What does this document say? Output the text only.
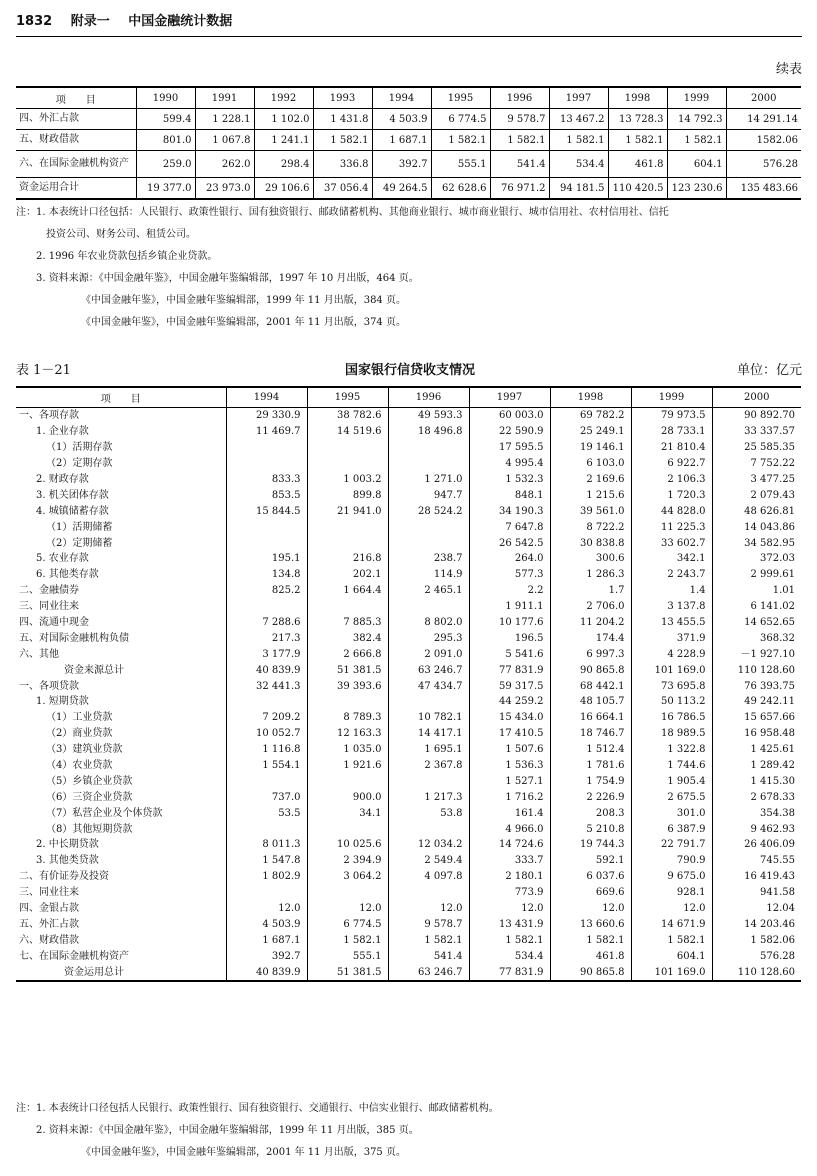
1832 附录一 中国金融统计数据
续表
项　　目	1990	1991	1992	1993	1994	1995	1996	1997	1998	1999	2000
四、外汇占款	599.4	1 228.1	1 102.0	1 431.8	4 503.9	6 774.5	9 578.7	13 467.2	13 728.3	14 792.3	14 291.14
五、财政借款	801.0	1 067.8	1 241.1	1 582.1	1 687.1	1 582.1	1 582.1	1 582.1	1 582.1	1 582.1	1582.06
六、在国际金融机构资产	259.0	262.0	298.4	336.8	392.7	555.1	541.4	534.4	461.8	604.1	576.28
资金运用合计	19 377.0	23 973.0	29 106.6	37 056.4	49 264.5	62 628.6	76 971.2	94 181.5	110 420.5	123 230.6	135 483.66
注：1. 本表统计口径包括：人民银行、政策性银行、国有独资银行、邮政储蓄机构、其他商业银行、城市商业银行、城市信用社、农村信用社、信托
　　　投资公司、财务公司、租赁公司。
　　2. 1996 年农业贷款包括乡镇企业贷款。
　　3. 资料来源：《中国金融年鉴》，中国金融年鉴编辑部，1997 年 10 月出版，464 页。
　　　　　　　《中国金融年鉴》，中国金融年鉴编辑部，1999 年 11 月出版，384 页。
　　　　　　　《中国金融年鉴》，中国金融年鉴编辑部，2001 年 11 月出版，374 页。
表 1－21	国家银行信贷收支情况	单位：亿元
项　　目	1994	1995	1996	1997	1998	1999	2000
一、各项存款	29 330.9	38 782.6	49 593.3	60 003.0	69 782.2	79 973.5	90 892.70
1. 企业存款	11 469.7	14 519.6	18 496.8	22 590.9	25 249.1	28 733.1	33 337.57
（1）活期存款				17 595.5	19 146.1	21 810.4	25 585.35
（2）定期存款				4 995.4	6 103.0	6 922.7	7 752.22
2. 财政存款	833.3	1 003.2	1 271.0	1 532.3	2 169.6	2 106.3	3 477.25
3. 机关团体存款	853.5	899.8	947.7	848.1	1 215.6	1 720.3	2 079.43
4. 城镇储蓄存款	15 844.5	21 941.0	28 524.2	34 190.3	39 561.0	44 828.0	48 626.81
（1）活期储蓄				7 647.8	8 722.2	11 225.3	14 043.86
（2）定期储蓄				26 542.5	30 838.8	33 602.7	34 582.95
5. 农业存款	195.1	216.8	238.7	264.0	300.6	342.1	372.03
6. 其他类存款	134.8	202.1	114.9	577.3	1 286.3	2 243.7	2 999.61
二、金融债券	825.2	1 664.4	2 465.1	2.2	1.7	1.4	1.01
三、同业往来				1 911.1	2 706.0	3 137.8	6 141.02
四、流通中现金	7 288.6	7 885.3	8 802.0	10 177.6	11 204.2	13 455.5	14 652.65
五、对国际金融机构负债	217.3	382.4	295.3	196.5	174.4	371.9	368.32
六、其他	3 177.9	2 666.8	2 091.0	5 541.6	6 997.3	4 228.9	－1 927.10
资金来源总计	40 839.9	51 381.5	63 246.7	77 831.9	90 865.8	101 169.0	110 128.60
一、各项贷款	32 441.3	39 393.6	47 434.7	59 317.5	68 442.1	73 695.8	76 393.75
1. 短期贷款				44 259.2	48 105.7	50 113.2	49 242.11
（1）工业贷款	7 209.2	8 789.3	10 782.1	15 434.0	16 664.1	16 786.5	15 657.66
（2）商业贷款	10 052.7	12 163.3	14 417.1	17 410.5	18 746.7	18 989.5	16 958.48
（3）建筑业贷款	1 116.8	1 035.0	1 695.1	1 507.6	1 512.4	1 322.8	1 425.61
（4）农业贷款	1 554.1	1 921.6	2 367.8	1 536.3	1 781.6	1 744.6	1 289.42
（5）乡镇企业贷款				1 527.1	1 754.9	1 905.4	1 415.30
（6）三资企业贷款	737.0	900.0	1 217.3	1 716.2	2 226.9	2 675.5	2 678.33
（7）私营企业及个体贷款	53.5	34.1	53.8	161.4	208.3	301.0	354.38
（8）其他短期贷款				4 966.0	5 210.8	6 387.9	9 462.93
2. 中长期贷款	8 011.3	10 025.6	12 034.2	14 724.6	19 744.3	22 791.7	26 406.09
3. 其他类贷款	1 547.8	2 394.9	2 549.4	333.7	592.1	790.9	745.55
二、有价证券及投资	1 802.9	3 064.2	4 097.8	2 180.1	6 037.6	9 675.0	16 419.43
三、同业往来				773.9	669.6	928.1	941.58
四、金银占款	12.0	12.0	12.0	12.0	12.0	12.0	12.04
五、外汇占款	4 503.9	6 774.5	9 578.7	13 431.9	13 660.6	14 671.9	14 203.46
六、财政借款	1 687.1	1 582.1	1 582.1	1 582.1	1 582.1	1 582.1	1 582.06
七、在国际金融机构资产	392.7	555.1	541.4	534.4	461.8	604.1	576.28
资金运用总计	40 839.9	51 381.5	63 246.7	77 831.9	90 865.8	101 169.0	110 128.60
注：1. 本表统计口径包括人民银行、政策性银行、国有独资银行、交通银行、中信实业银行、邮政储蓄机构。
　　2. 资料来源：《中国金融年鉴》，中国金融年鉴编辑部，1999 年 11 月出版，385 页。
　　　　　　　《中国金融年鉴》，中国金融年鉴编辑部，2001 年 11 月出版，375 页。
